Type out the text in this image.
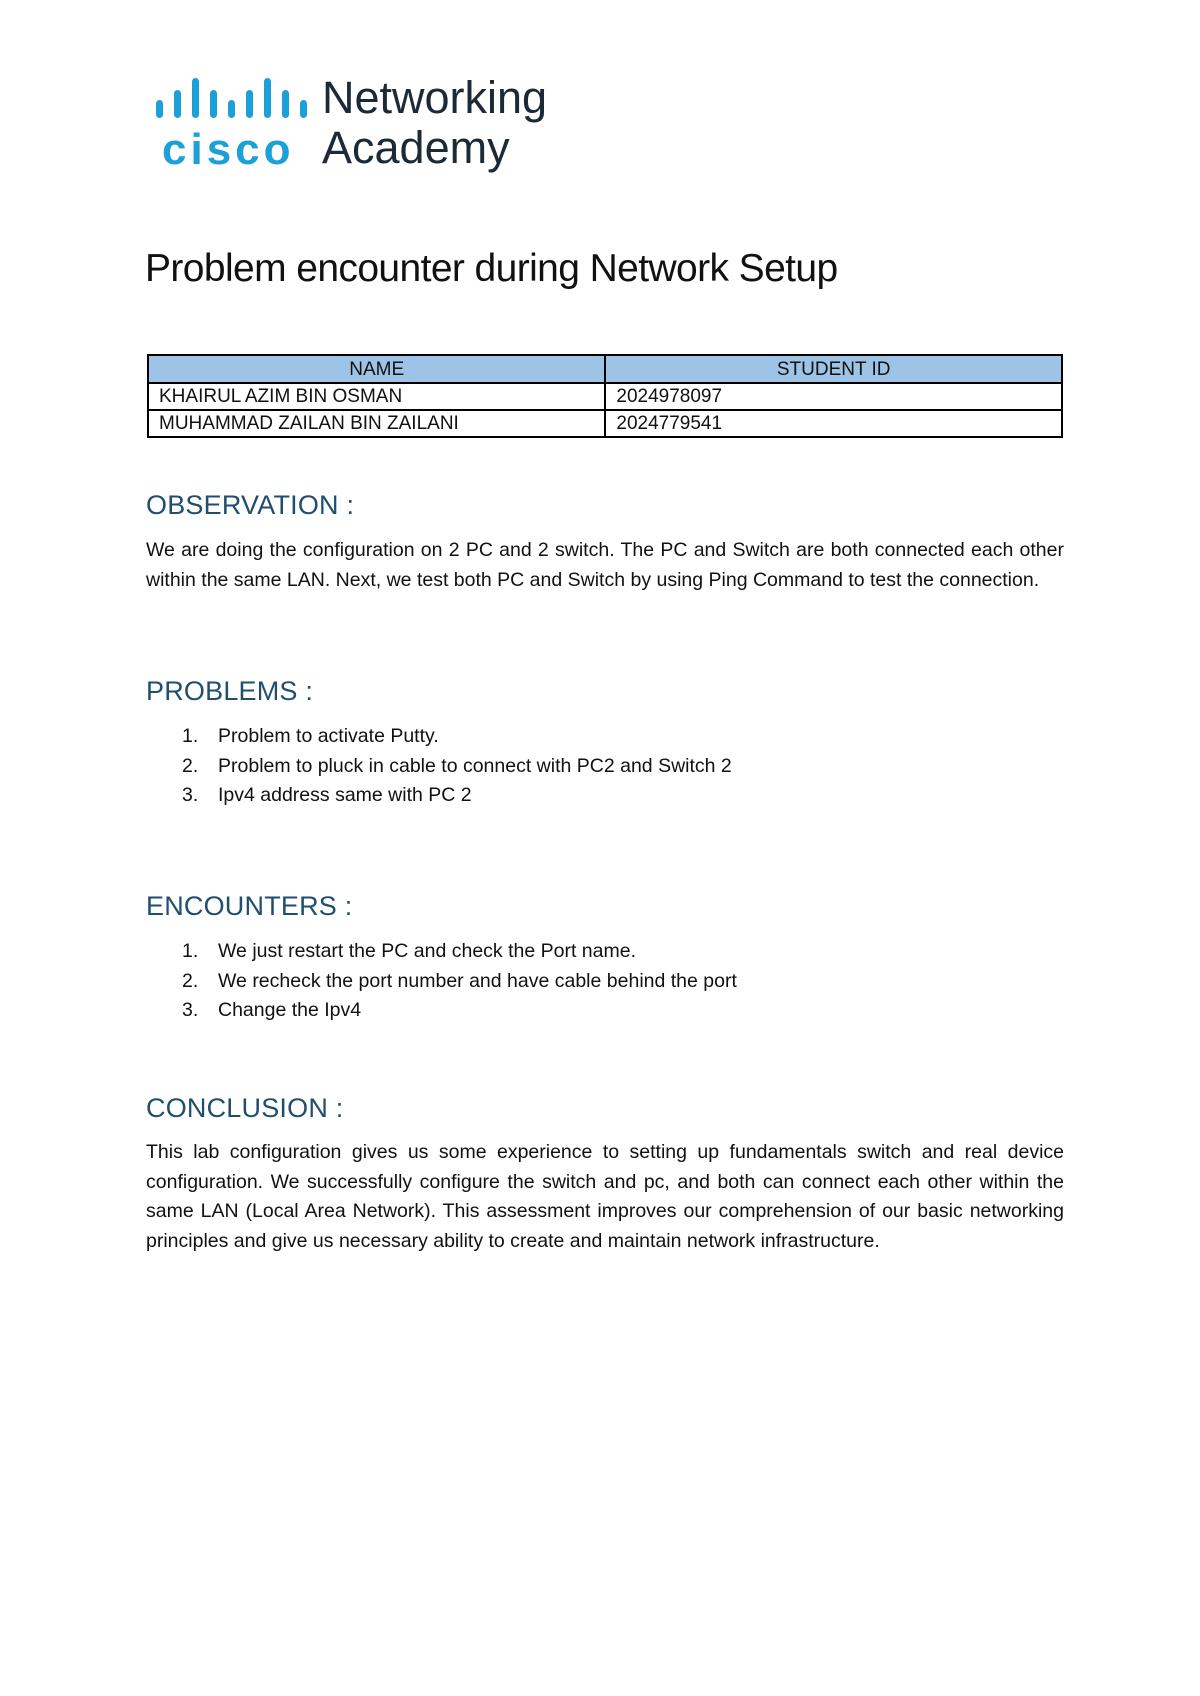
cisco
Networking
Academy
Problem encounter during Network Setup
NAME	STUDENT ID
KHAIRUL AZIM BIN OSMAN	2024978097
MUHAMMAD ZAILAN BIN ZAILANI	2024779541
OBSERVATION :
We are doing the configuration on 2 PC and 2 switch. The PC and Switch are both connected each other within the same LAN. Next, we test both PC and Switch by using Ping Command to test the connection.
PROBLEMS :
1. Problem to activate Putty.
2. Problem to pluck in cable to connect with PC2 and Switch 2
3. Ipv4 address same with PC 2
ENCOUNTERS :
1. We just restart the PC and check the Port name.
2. We recheck the port number and have cable behind the port
3. Change the Ipv4
CONCLUSION :
This lab configuration gives us some experience to setting up fundamentals switch and real device configuration. We successfully configure the switch and pc, and both can connect each other within the same LAN (Local Area Network). This assessment improves our comprehension of our basic networking principles and give us necessary ability to create and maintain network infrastructure.
